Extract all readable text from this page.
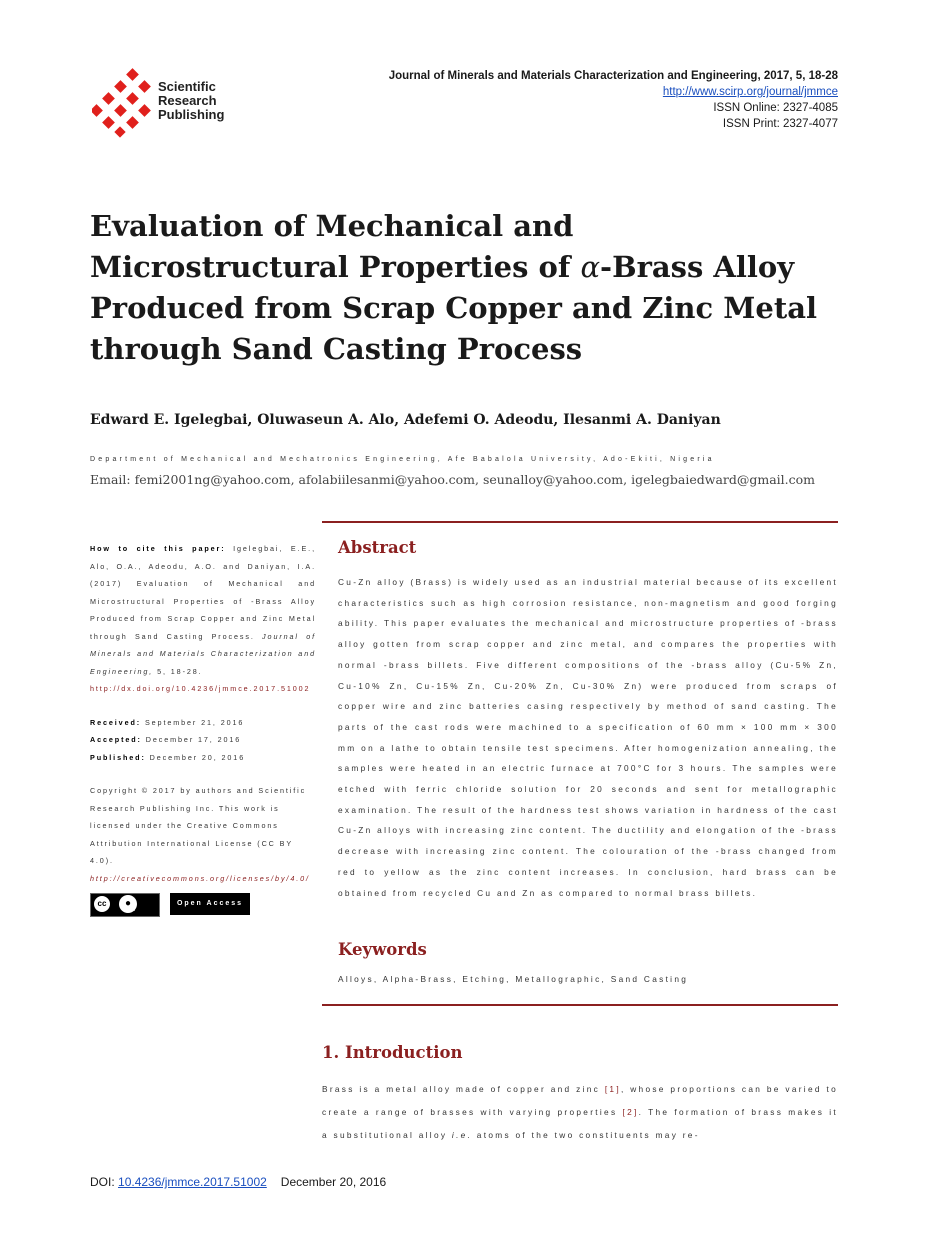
Scientific
Research
Publishing
Journal of Minerals and Materials Characterization and Engineering, 2017, 5, 18-28
http://www.scirp.org/journal/jmmce
ISSN Online: 2327-4085
ISSN Print: 2327-4077
Evaluation of Mechanical and Microstructural Properties of α-Brass Alloy Produced from Scrap Copper and Zinc Metal through Sand Casting Process
Edward E. Igelegbai, Oluwaseun A. Alo, Adefemi O. Adeodu, Ilesanmi A. Daniyan
Department of Mechanical and Mechatronics Engineering, Afe Babalola University, Ado-Ekiti, Nigeria
Email: femi2001ng@yahoo.com, afolabiilesanmi@yahoo.com, seunalloy@yahoo.com, igelegbaiedward@gmail.com
How to cite this paper: Igelegbai, E.E., Alo, O.A., Adeodu, A.O. and Daniyan, I.A. (2017) Evaluation of Mechanical and Microstructural Properties of -Brass Alloy Produced from Scrap Copper and Zinc Metal through Sand Casting Process. Journal of Minerals and Materials Characterization and Engineering, 5, 18-28.
http://dx.doi.org/10.4236/jmmce.2017.51002
Received: September 21, 2016
Accepted: December 17, 2016
Published: December 20, 2016
Copyright © 2017 by authors and Scientific Research Publishing Inc. This work is licensed under the Creative Commons Attribution International License (CC BY 4.0).
http://creativecommons.org/licenses/by/4.0/
cc	●
BY
Open Access
Abstract
Cu-Zn alloy (Brass) is widely used as an industrial material because of its excellent characteristics such as high corrosion resistance, non-magnetism and good forging ability. This paper evaluates the mechanical and microstructure properties of -brass alloy gotten from scrap copper and zinc metal, and compares the properties with normal -brass billets. Five different compositions of the -brass alloy (Cu-5% Zn, Cu-10% Zn, Cu-15% Zn, Cu-20% Zn, Cu-30% Zn) were produced from scraps of copper wire and zinc batteries casing respectively by method of sand casting. The parts of the cast rods were machined to a specification of 60 mm × 100 mm × 300 mm on a lathe to obtain tensile test specimens. After homogenization annealing, the samples were heated in an electric furnace at 700°C for 3 hours. The samples were etched with ferric chloride solution for 20 seconds and sent for metallographic examination. The result of the hardness test shows variation in hardness of the cast Cu-Zn alloys with increasing zinc content. The ductility and elongation of the -brass decrease with increasing zinc content. The colouration of the -brass changed from red to yellow as the zinc content increases. In conclusion, hard brass can be obtained from recycled Cu and Zn as compared to normal brass billets.
Keywords
Alloys, Alpha-Brass, Etching, Metallographic, Sand Casting
1. Introduction
Brass is a metal alloy made of copper and zinc [1], whose proportions can be varied to create a range of brasses with varying properties [2]. The formation of brass makes it a substitutional alloy i.e. atoms of the two constituents may re-
DOI: 10.4236/jmmce.2017.51002 December 20, 2016
